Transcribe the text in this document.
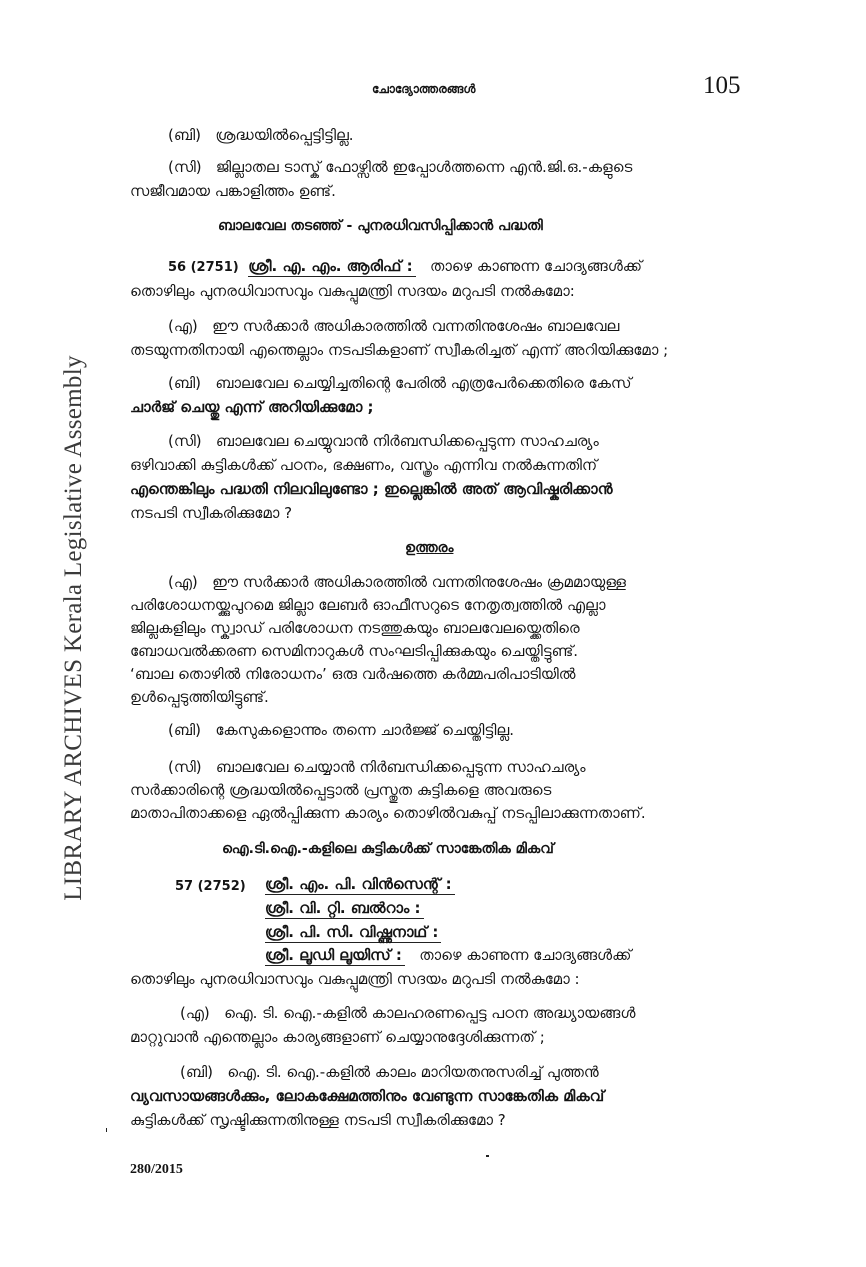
ചോദ്യോത്തരങ്ങൾ	105
LIBRARY ARCHIVES Kerala Legislative Assembly
(ബി) ശ്രദ്ധയിൽപ്പെട്ടിട്ടില്ല.
(സി) ജില്ലാതല ടാസ്ക് ഫോഴ്സിൽ ഇപ്പോൾത്തന്നെ എൻ.ജി.ഒ.-കളുടെ
സജീവമായ പങ്കാളിത്തം ഉണ്ട്.
ബാലവേല തടഞ്ഞ് - പുനരധിവസിപ്പിക്കാൻ പദ്ധതി
56 (2751) ശ്രീ. എ. എം. ആരിഫ് : താഴെ കാണുന്ന ചോദ്യങ്ങൾക്ക്
തൊഴിലും പുനരധിവാസവും വകുപ്പുമന്ത്രി സദയം മറുപടി നൽകുമോ:
(എ) ഈ സർക്കാർ അധികാരത്തിൽ വന്നതിനുശേഷം ബാലവേല
തടയുന്നതിനായി എന്തെല്ലാം നടപടികളാണ് സ്വീകരിച്ചത് എന്ന് അറിയിക്കുമോ ;
(ബി) ബാലവേല ചെയ്യിച്ചതിന്റെ പേരിൽ എത്രപേർക്കെതിരെ കേസ്
ചാർജ് ചെയ്തു എന്ന് അറിയിക്കുമോ ;
(സി) ബാലവേല ചെയ്യുവാൻ നിർബന്ധിക്കപ്പെടുന്ന സാഹചര്യം
ഒഴിവാക്കി കുട്ടികൾക്ക് പഠനം, ഭക്ഷണം, വസ്ത്രം എന്നിവ നൽകുന്നതിന്
എന്തെങ്കിലും പദ്ധതി നിലവിലുണ്ടോ ; ഇല്ലെങ്കിൽ അത് ആവിഷ്കരിക്കാൻ
നടപടി സ്വീകരിക്കുമോ ?
ഉത്തരം
(എ) ഈ സർക്കാർ അധികാരത്തിൽ വന്നതിനുശേഷം ക്രമമായുള്ള
പരിശോധനയ്ക്കുപുറമെ ജില്ലാ ലേബർ ഓഫീസറുടെ നേതൃത്വത്തിൽ എല്ലാ
ജില്ലകളിലും സ്ക്വാഡ് പരിശോധന നടത്തുകയും ബാലവേലയ്ക്കെതിരെ
ബോധവൽക്കരണ സെമിനാറുകൾ സംഘടിപ്പിക്കുകയും ചെയ്തിട്ടുണ്ട്.
‘ബാല തൊഴിൽ നിരോധനം’ ഒരു വർഷത്തെ കർമ്മപരിപാടിയിൽ
ഉൾപ്പെടുത്തിയിട്ടുണ്ട്.
(ബി) കേസുകളൊന്നും തന്നെ ചാർജ്ജ് ചെയ്തിട്ടില്ല.
(സി) ബാലവേല ചെയ്യാൻ നിർബന്ധിക്കപ്പെടുന്ന സാഹചര്യം
സർക്കാരിന്റെ ശ്രദ്ധയിൽപ്പെട്ടാൽ പ്രസ്തുത കുട്ടികളെ അവരുടെ
മാതാപിതാക്കളെ ഏൽപ്പിക്കുന്ന കാര്യം തൊഴിൽവകുപ്പ് നടപ്പിലാക്കുന്നതാണ്.
ഐ.ടി.ഐ.-കളിലെ കുട്ടികൾക്ക് സാങ്കേതിക മികവ്
57 (2752) ശ്രീ. എം. പി. വിൻസെന്റ് :
ശ്രീ. വി. റ്റി. ബൽറാം :
ശ്രീ. പി. സി. വിഷ്ണുനാഥ് :
ശ്രീ. ലൂഡി ലൂയിസ് : താഴെ കാണുന്ന ചോദ്യങ്ങൾക്ക്
തൊഴിലും പുനരധിവാസവും വകുപ്പുമന്ത്രി സദയം മറുപടി നൽകുമോ :
(എ) ഐ. ടി. ഐ.-കളിൽ കാലഹരണപ്പെട്ട പഠന അദ്ധ്യായങ്ങൾ
മാറ്റുവാൻ എന്തെല്ലാം കാര്യങ്ങളാണ് ചെയ്യാനുദ്ദേശിക്കുന്നത് ;
(ബി) ഐ. ടി. ഐ.-കളിൽ കാലം മാറിയതനുസരിച്ച് പുത്തൻ
വ്യവസായങ്ങൾക്കും, ലോകക്ഷേമത്തിനും വേണ്ടുന്ന സാങ്കേതിക മികവ്
കുട്ടികൾക്ക് സൃഷ്ടിക്കുന്നതിനുള്ള നടപടി സ്വീകരിക്കുമോ ?
280/2015
